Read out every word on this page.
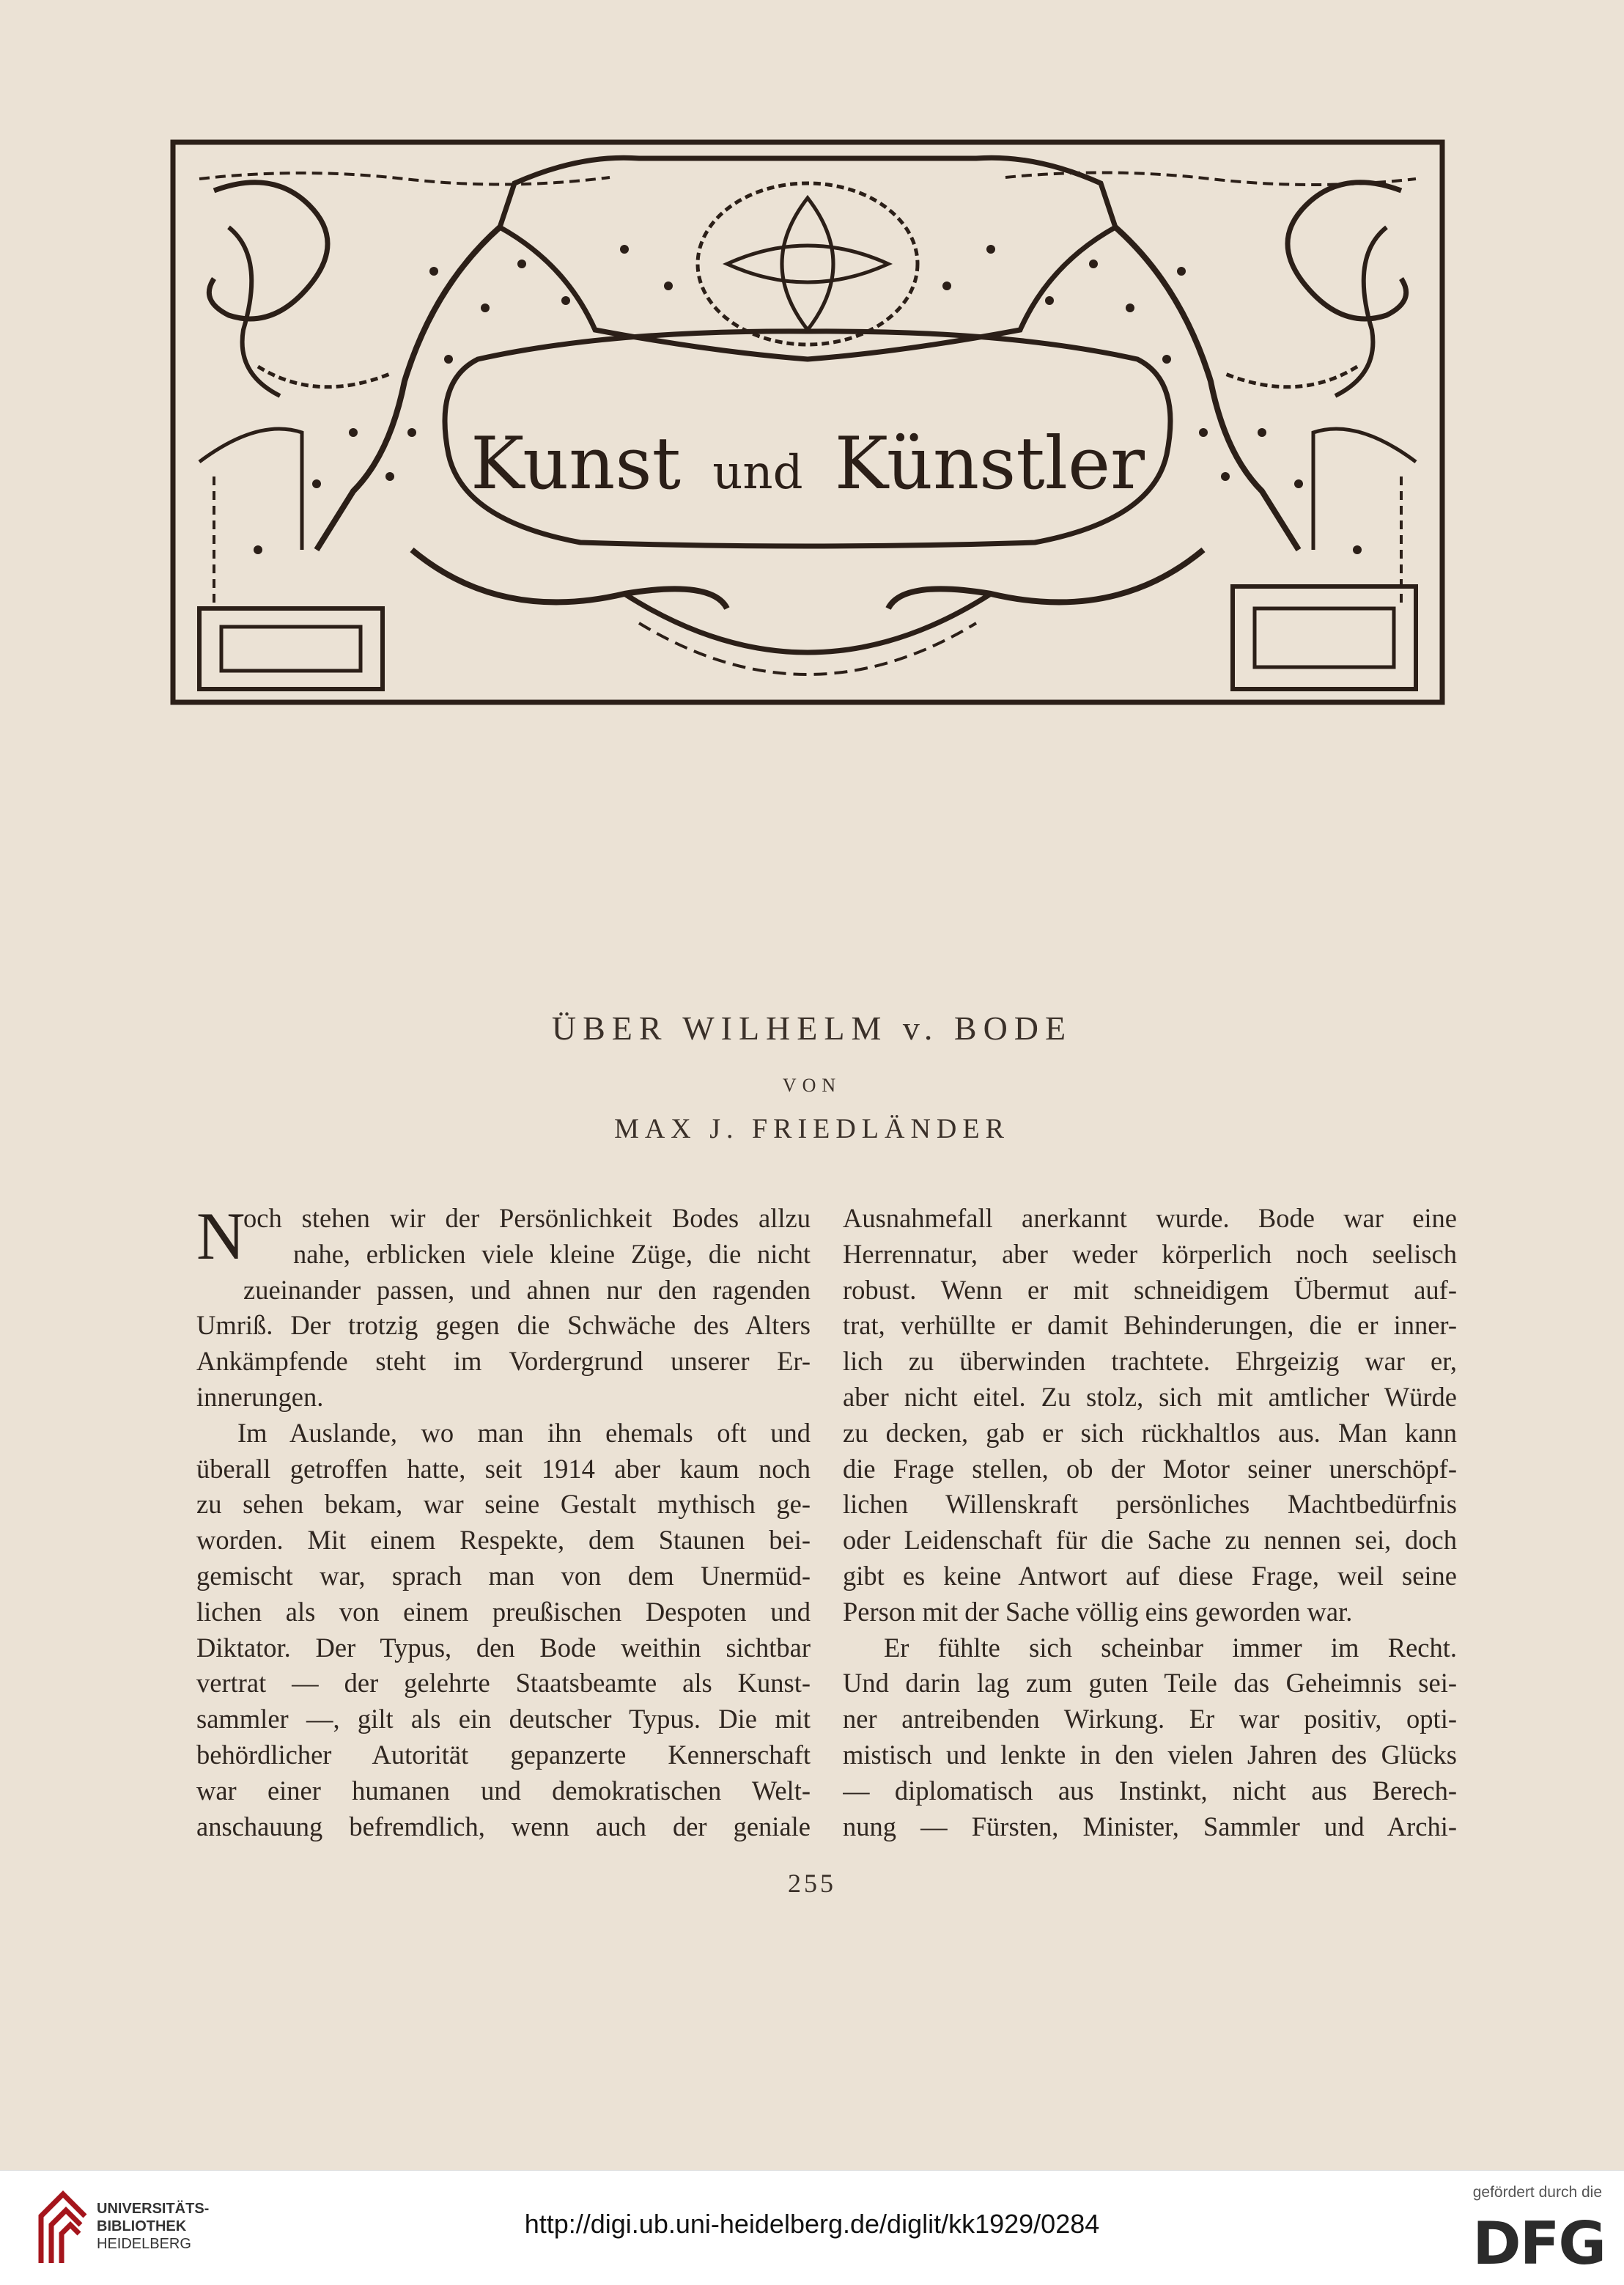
Kunst und Künstler
ÜBER WILHELM v. BODE
VON
MAX J. FRIEDLÄNDER
N
och stehen wir der Persönlichkeit Bodes allzu
nahe, erblicken viele kleine Züge, die nicht
zueinander passen, und ahnen nur den ragenden
Umriß. Der trotzig gegen die Schwäche des Alters
Ankämpfende steht im Vordergrund unserer Er-
innerungen.
Im Auslande, wo man ihn ehemals oft und
überall getroffen hatte, seit 1914 aber kaum noch
zu sehen bekam, war seine Gestalt mythisch ge-
worden. Mit einem Respekte, dem Staunen bei-
gemischt war, sprach man von dem Unermüd-
lichen als von einem preußischen Despoten und
Diktator. Der Typus, den Bode weithin sichtbar
vertrat — der gelehrte Staatsbeamte als Kunst-
sammler —, gilt als ein deutscher Typus. Die mit
behördlicher Autorität gepanzerte Kennerschaft
war einer humanen und demokratischen Welt-
anschauung befremdlich, wenn auch der geniale
Ausnahmefall anerkannt wurde. Bode war eine
Herrennatur, aber weder körperlich noch seelisch
robust. Wenn er mit schneidigem Übermut auf-
trat, verhüllte er damit Behinderungen, die er inner-
lich zu überwinden trachtete. Ehrgeizig war er,
aber nicht eitel. Zu stolz, sich mit amtlicher Würde
zu decken, gab er sich rückhaltlos aus. Man kann
die Frage stellen, ob der Motor seiner unerschöpf-
lichen Willenskraft persönliches Machtbedürfnis
oder Leidenschaft für die Sache zu nennen sei, doch
gibt es keine Antwort auf diese Frage, weil seine
Person mit der Sache völlig eins geworden war.
Er fühlte sich scheinbar immer im Recht.
Und darin lag zum guten Teile das Geheimnis sei-
ner antreibenden Wirkung. Er war positiv, opti-
mistisch und lenkte in den vielen Jahren des Glücks
— diplomatisch aus Instinkt, nicht aus Berech-
nung — Fürsten, Minister, Sammler und Archi-
255
UNIVERSITÄTS-
BIBLIOTHEK
HEIDELBERG
http://digi.ub.uni-heidelberg.de/diglit/kk1929/0284
gefördert durch die
DFG
